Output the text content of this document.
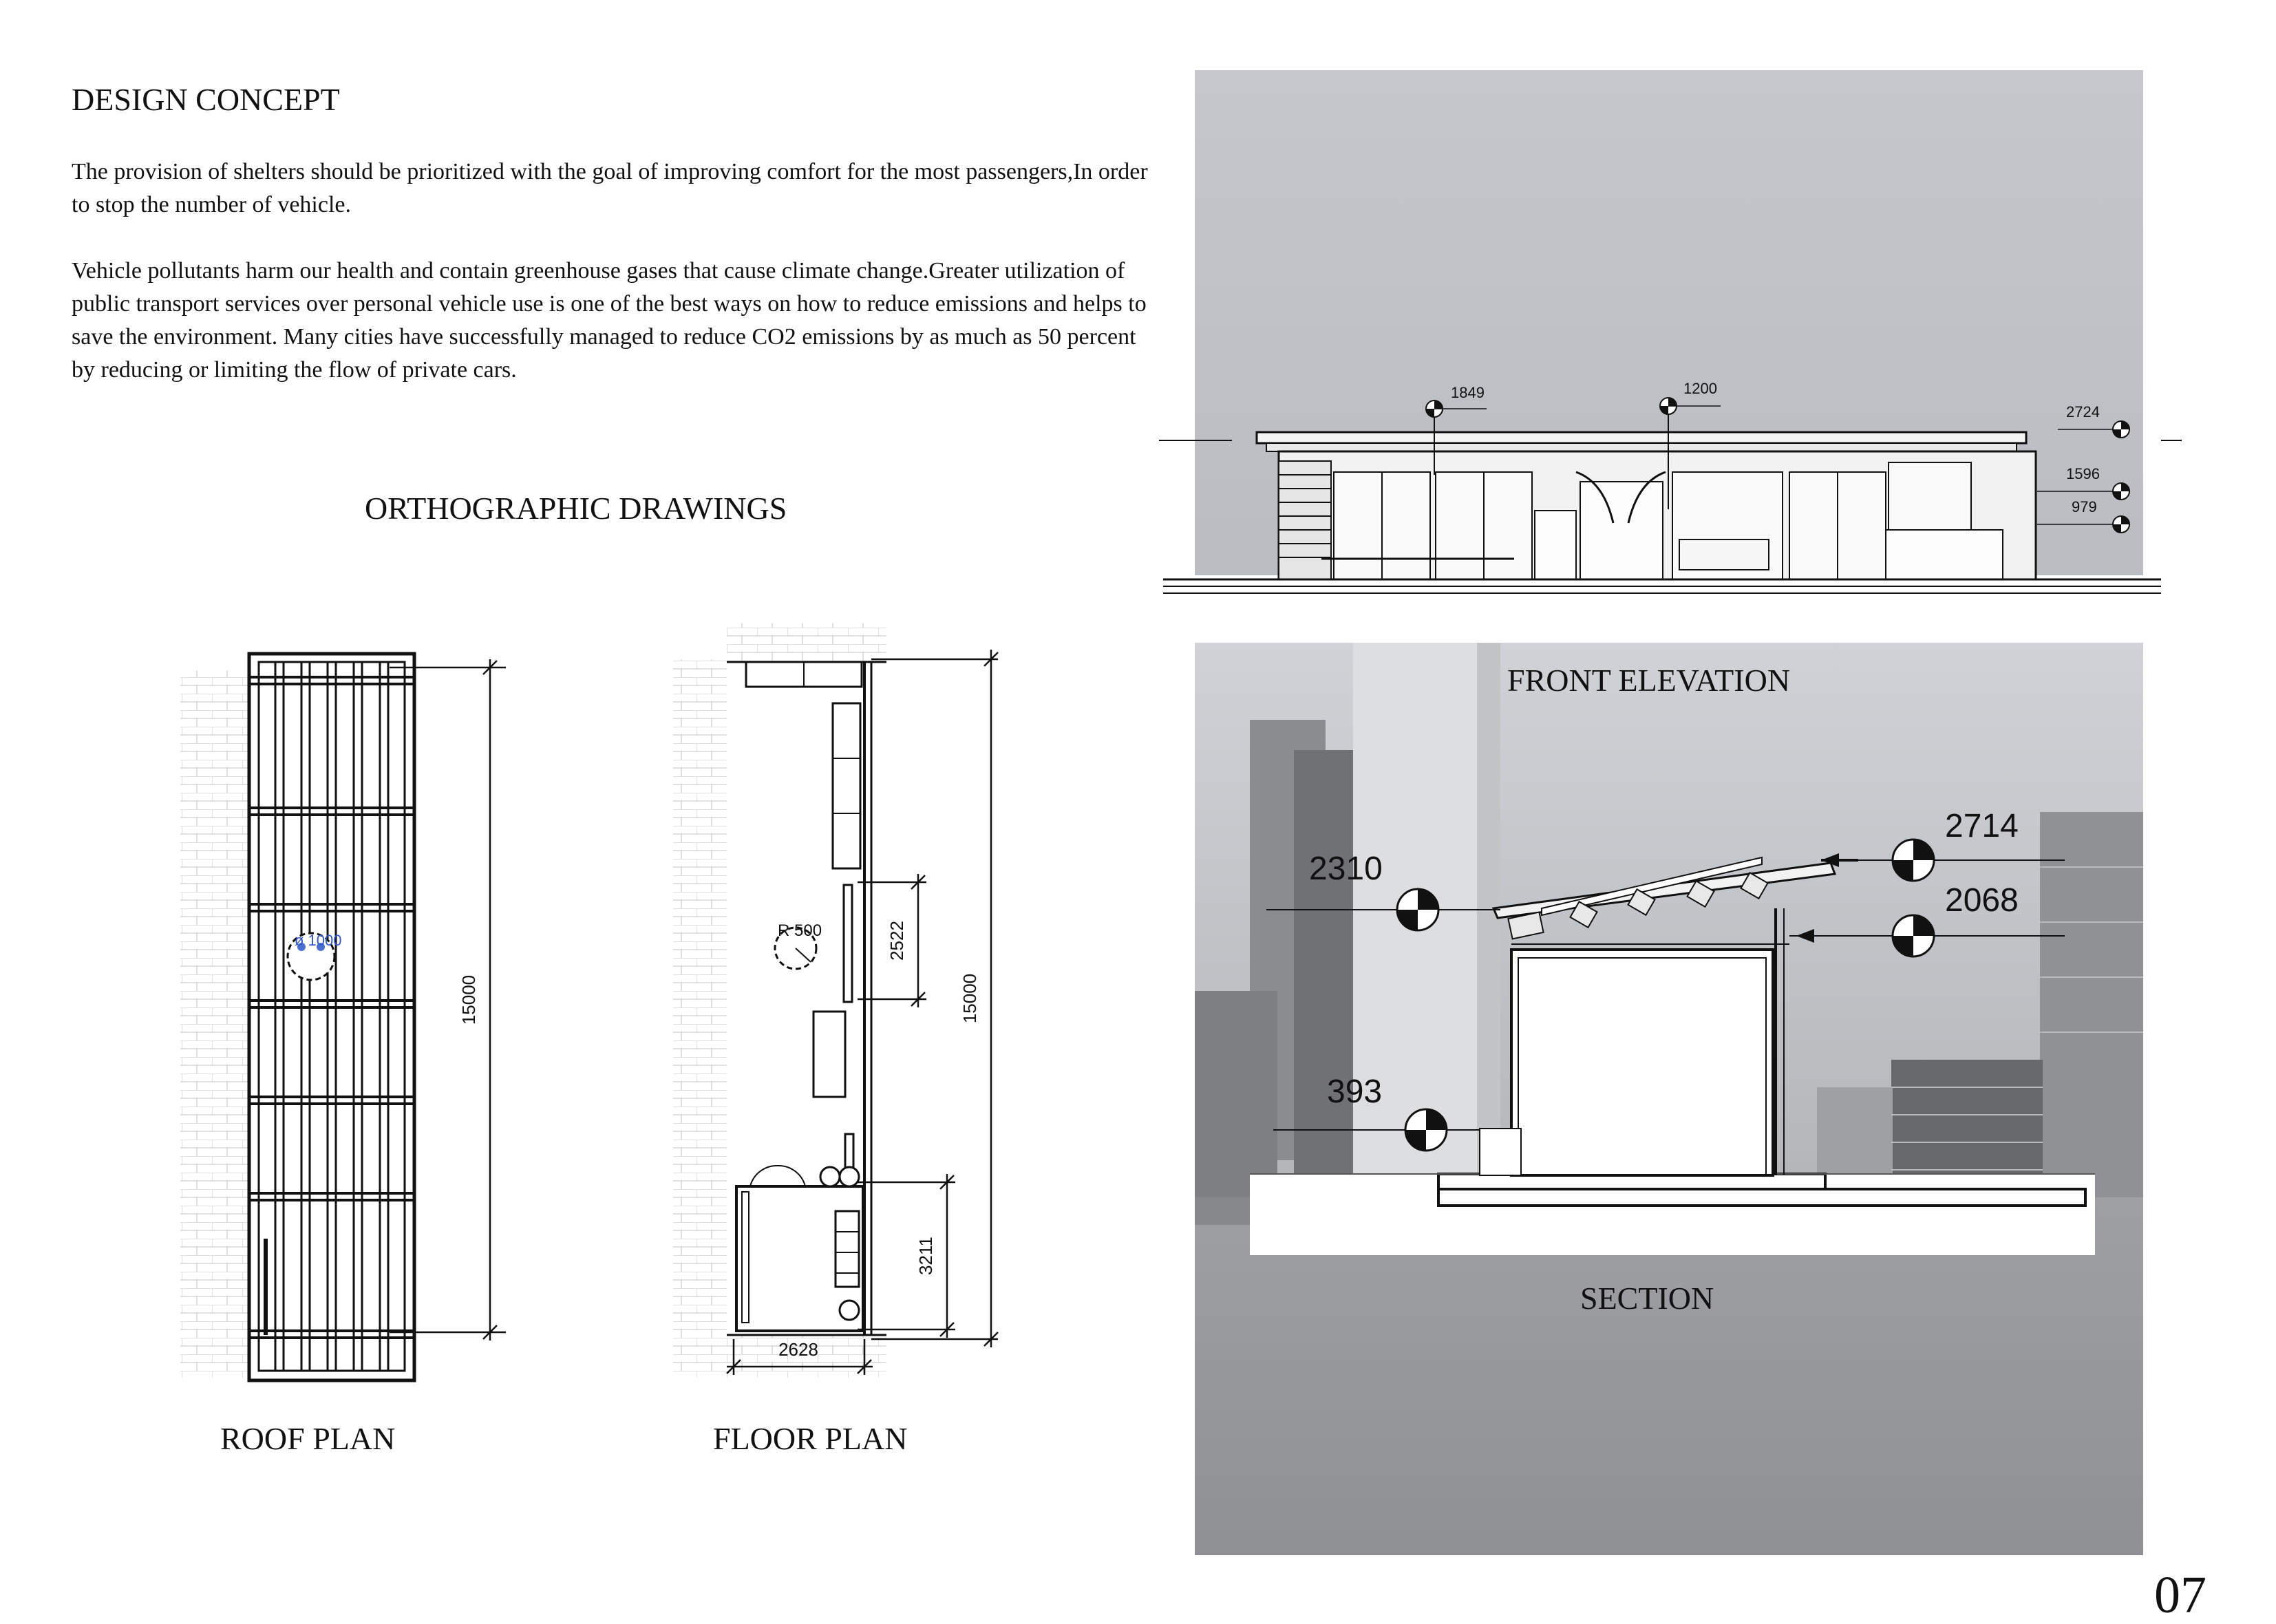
DESIGN CONCEPT
The provision of shelters should be prioritized with the goal of improving comfort for the most passengers,In order to stop the number of vehicle.
Vehicle pollutants harm our health and contain greenhouse gases that cause climate change.Greater utilization of public transport services over personal vehicle use is one of the best ways on how to reduce emissions and helps to save the environment. Many cities have successfully managed to reduce CO2 emissions by as much as 50 percent by reducing or limiting the flow of private cars.
ORTHOGRAPHIC DRAWINGS
ø 1000
15000
R 500
15000
2522
3211
2628
1849	1200
2724
1596
979
2310
2714
2068
393
ROOF PLAN	FLOOR PLAN
FRONT ELEVATION
SECTION
07
